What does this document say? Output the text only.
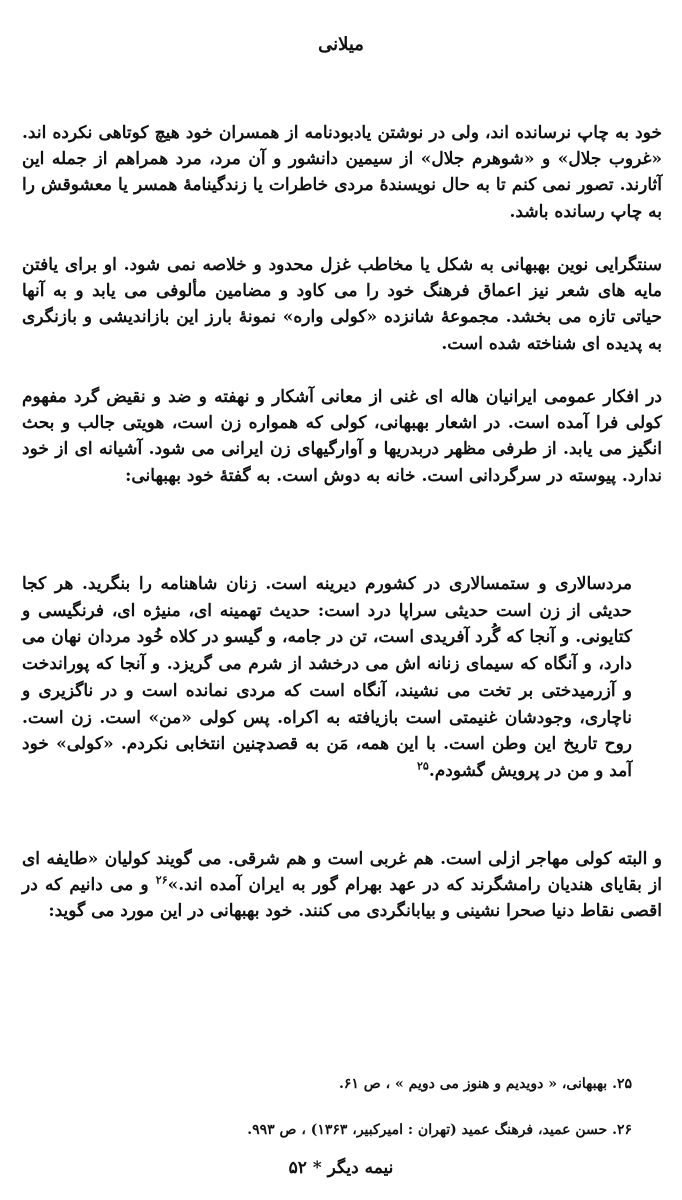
میلانی

خود به چاپ نرسانده اند، ولی در نوشتن یادبودنامه از همسران خود هیچ کوتاهی نکرده اند. «غروب جلال» و «شوهرم جلال» از سیمین دانشور و آن مرد، مرد همراهم از جمله این آثارند. تصور نمی کنم تا به حال نویسندهٔ مردی خاطرات یا زندگینامهٔ همسر یا معشوقش را به چاپ رسانده باشد.

سنتگرایی نوین بهبهانی به شکل یا مخاطب غزل محدود و خلاصه نمی شود. او برای یافتن مایه های شعر نیز اعماق فرهنگ خود را می کاود و مضامین مألوفی می یابد و به آنها حیاتی تازه می بخشد. مجموعهٔ شانزده «کولی واره» نمونهٔ بارز این بازاندیشی و بازنگری به پدیده ای شناخته شده است.

در افکار عمومی ایرانیان هاله ای غنی از معانی آشکار و نهفته و ضد و نقیض گرد مفهوم کولی فرا آمده است. در اشعار بهبهانی، کولی که همواره زن است، هویتی جالب و بحث انگیز می یابد. از طرفی مظهر دربدریها و آوارگیهای زن ایرانی می شود. آشیانه ای از خود ندارد. پیوسته در سرگردانی است. خانه به دوش است. به گفتهٔ خود بهبهانی:

مردسالاری و ستمسالاری در کشورم دیرینه است. زنان شاهنامه را بنگرید. هر کجا حدیثی از زن است حدیثی سراپا درد است: حدیث تهمینه ای، منیژه ای، فرنگیسی و کتایونی. و آنجا که گُرد آفریدی است، تن در جامه، و گیسو در کلاه خُود مردان نهان می دارد، و آنگاه که سیمای زنانه اش می درخشد از شرم می گریزد. و آنجا که پوراندخت و آزرمیدختی بر تخت می نشیند، آنگاه است که مردی نمانده است و در ناگزیری و ناچاری، وجودشان غنیمتی است بازیافته به اکراه. پس کولی «من» است. زن است. روح تاریخ این وطن است. با این همه، مَن به قصدچنین انتخابی نکردم. «کولی» خود آمد و من در پرویش گشودم.$^{۲۵}$

و البته کولی مهاجر ازلی است. هم غربی است و هم شرقی. می گویند کولیان «طایفه ای از بقایای هندیان رامشگرند که در عهد بهرام گور به ایران آمده اند.»$^{۲۶}$ و می دانیم که در اقصی نقاط دنیا صحرا نشینی و بیابانگردی می کنند. خود بهبهانی در این مورد می گوید:

۲۵. بهبهانی، « دویدیم و هنوز می دویم » ، ص ۶۱.

۲۶. حسن عمید، فرهنگ عمید (تهران : امیرکبیر، ۱۳۶۳) ، ص ۹۹۳.

نیمه دیگر * ۵۲
